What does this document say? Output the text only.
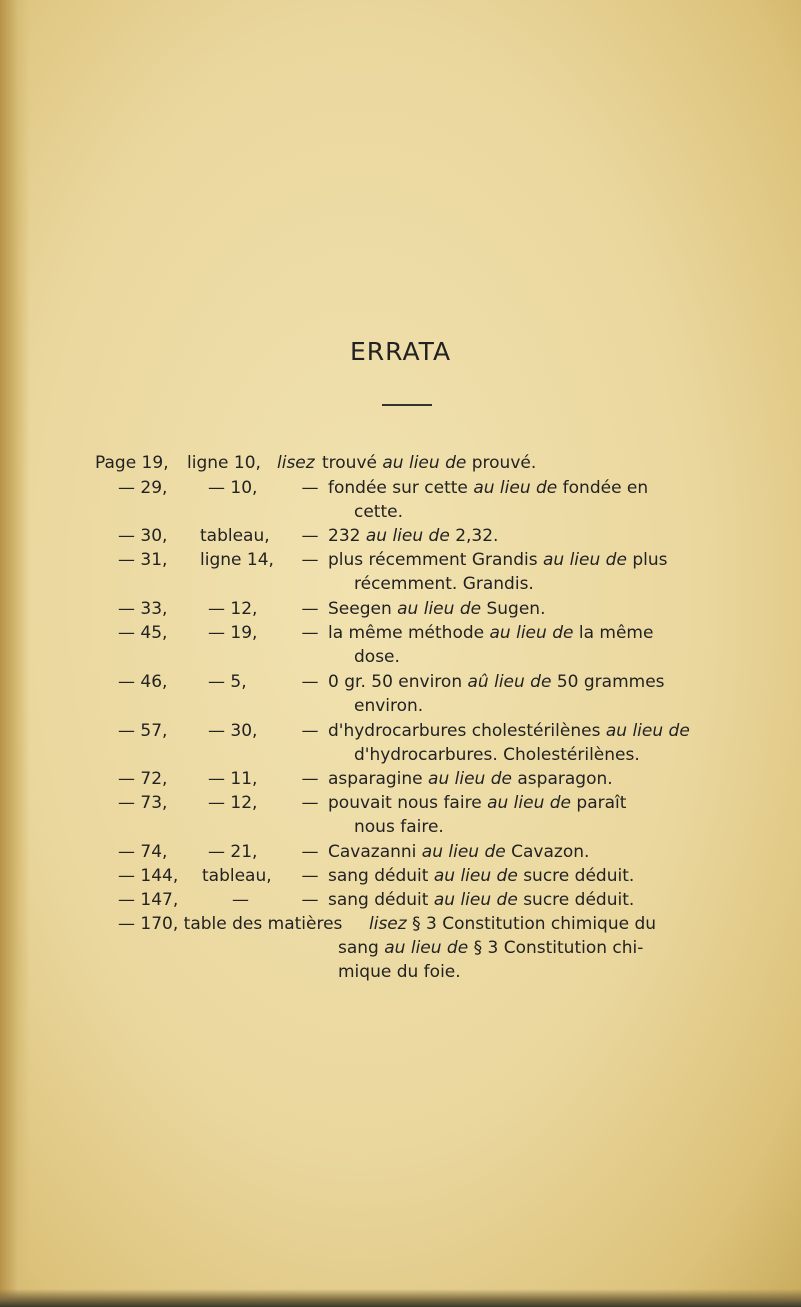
ERRATA
Page 19,	ligne 10, lisez trouvé au lieu de prouvé.
— 29,	— 10,	— fondée sur cette au lieu de fondée en
cette.
— 30,	tableau,	— 232 au lieu de 2,32.
— 31,	ligne 14,	— plus récemment Grandis au lieu de plus
récemment. Grandis.
— 33,	— 12,	— Seegen au lieu de Sugen.
— 45,	— 19,	— la même méthode au lieu de la même
dose.
— 46,	— 5,	— 0 gr. 50 environ aû lieu de 50 grammes
environ.
— 57,	— 30,	— d'hydrocarbures cholestérilènes au lieu de
d'hydrocarbures. Cholestérilènes.
— 72,	— 11,	— asparagine au lieu de asparagon.
— 73,	— 12,	— pouvait nous faire au lieu de paraît
nous faire.
— 74,	— 21,	— Cavazanni au lieu de Cavazon.
— 144,	tableau,	— sang déduit au lieu de sucre déduit.
— 147,	—	— sang déduit au lieu de sucre déduit.
— 170, table des matières lisez § 3 Constitution chimique du
sang au lieu de § 3 Constitution chi-
mique du foie.
